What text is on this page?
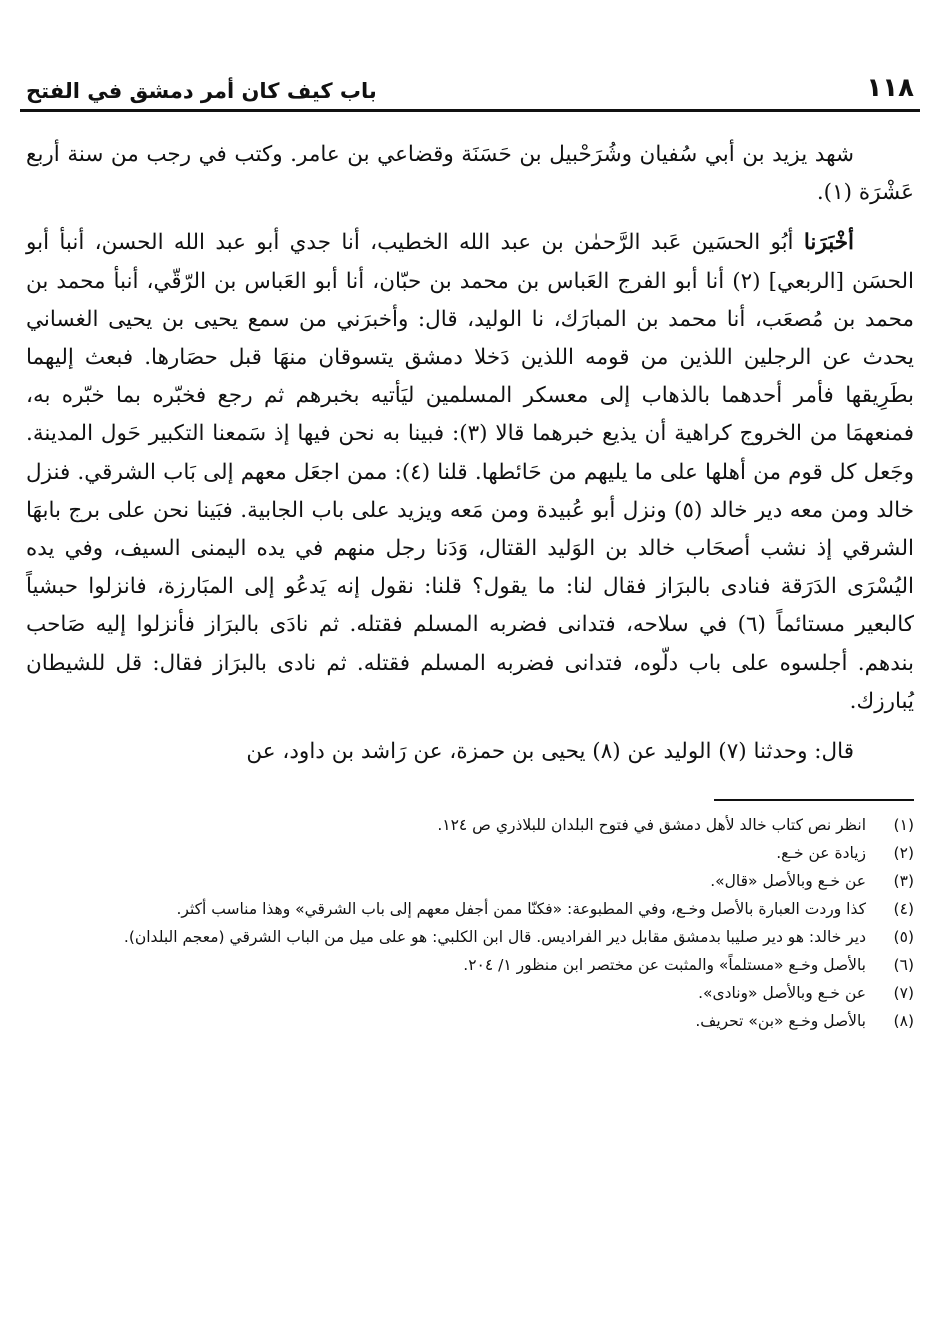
١١٨
باب كيف كان أمر دمشق في الفتح

شهد يزيد بن أبي سُفيان وشُرَحْبيل بن حَسَنَة وقضاعي بن عامر. وكتب في رجب من سنة أربع عَشْرَة (١).

أخْبَرَنا أبُو الحسَين عَبد الرَّحمٰن بن عبد الله الخطيب، أنا جدي أبو عبد الله الحسن، أنبأ أبو الحسَن [الربعي] (٢) أنا أبو الفرج العَباس بن محمد بن حبّان، أنا أبو العَباس بن الرّقّي، أنبأ محمد بن محمد بن مُصعَب، أنا محمد بن المبارَك، نا الوليد، قال: وأخبرَني من سمع يحيى بن يحيى الغساني يحدث عن الرجلين اللذين من قومه اللذين دَخلا دمشق يتسوقان منهَا قبل حصَارها. فبعث إليهما بطَرِيقها فأمر أحدهما بالذهاب إلى معسكر المسلمين ليَأتيه بخبرهم ثم رجع فخبّره بما خبّره به، فمنعهمَا من الخروج كراهية أن يذيع خبرهما قالا (٣): فبينا به نحن فيها إذ سَمعنا التكبير حَول المدينة. وجَعل كل قوم من أهلها على ما يليهم من حَائطها. قلنا (٤): ممن اجعَل معهم إلى بَاب الشرقي. فنزل خالد ومن معه دير خالد (٥) ونزل أبو عُبيدة ومن مَعه ويزيد على باب الجابية. فبَينا نحن على برج بابهَا الشرقي إذ نشب أصحَاب خالد بن الوَليد القتال، وَدَنا رجل منهم في يده اليمنى السيف، وفي يده اليُسْرَى الدَرَقة فنادى بالبرَاز فقال لنا: ما يقول؟ قلنا: نقول إنه يَدعُو إلى المبَارزة، فانزلوا حبشياً كالبعير مستائماً (٦) في سلاحه، فتدانى فضربه المسلم فقتله. ثم نادَى بالبرَاز فأنزلوا إليه صَاحب بندهم. أجلسوه على باب دلّوه، فتدانى فضربه المسلم فقتله. ثم نادى بالبرَاز فقال: قل للشيطان يُبارزك.

قال: وحدثنا (٧) الوليد عن (٨) يحيى بن حمزة، عن رَاشد بن داود، عن

(١)
انظر نص كتاب خالد لأهل دمشق في فتوح البلدان للبلاذري ص ١٢٤.
(٢)
زيادة عن خـع.
(٣)
عن خـع وبالأصل «قال».
(٤)
كذا وردت العبارة بالأصل وخـع، وفي المطبوعة: «فكنّا ممن أجفل معهم إلى باب الشرقي» وهذا مناسب أكثر.
(٥)
دير خالد: هو دير صليبا بدمشق مقابل دير الفراديس. قال ابن الكلبي: هو على ميل من الباب الشرقي (معجم البلدان).
(٦)
بالأصل وخـع «مستلماً» والمثبت عن مختصر ابن منظور ١/ ٢٠٤.
(٧)
عن خـع وبالأصل «ونادى».
(٨)
بالأصل وخـع «بن» تحريف.
